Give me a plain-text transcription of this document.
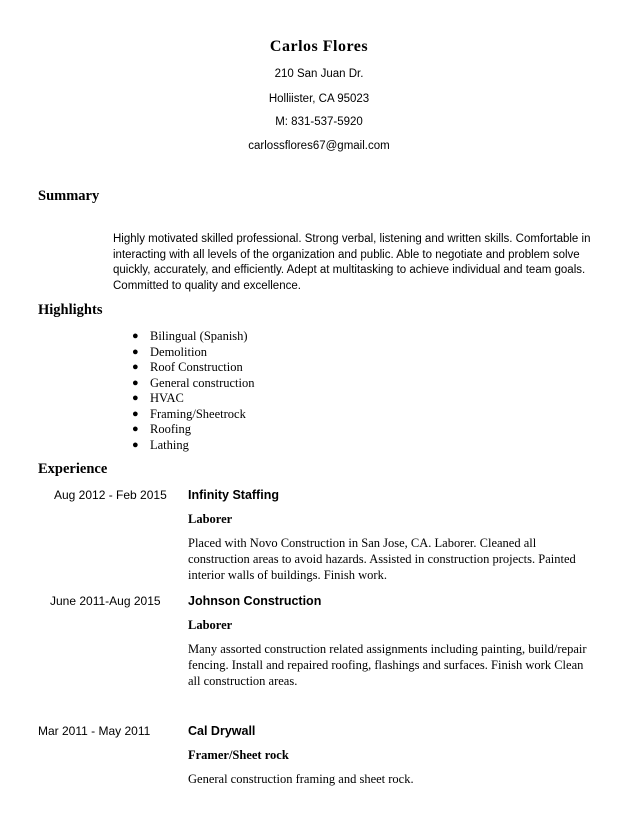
Carlos Flores
210 San Juan Dr.
Holliister, CA 95023
M: 831-537-5920
carlossflores67@gmail.com
Summary
Highly motivated skilled professional. Strong verbal, listening and written skills. Comfortable in interacting with all levels of the organization and public. Able to negotiate and problem solve quickly, accurately, and efficiently. Adept at multitasking to achieve individual and team goals. Committed to quality and excellence.
Highlights
● Bilingual (Spanish)
● Demolition
● Roof Construction
● General construction
● HVAC
● Framing/Sheetrock
● Roofing
● Lathing
Experience
Aug 2012 - Feb 2015 Infinity Staffing
Laborer
Placed with Novo Construction in San Jose, CA. Laborer. Cleaned all construction areas to avoid hazards. Assisted in construction projects. Painted interior walls of buildings. Finish work.
June 2011-Aug 2015 Johnson Construction
Laborer
Many assorted construction related assignments including painting, build/repair fencing. Install and repaired roofing, flashings and surfaces. Finish work Clean all construction areas.
Mar 2011 - May 2011	Cal Drywall
Framer/Sheet rock
General construction framing and sheet rock.
